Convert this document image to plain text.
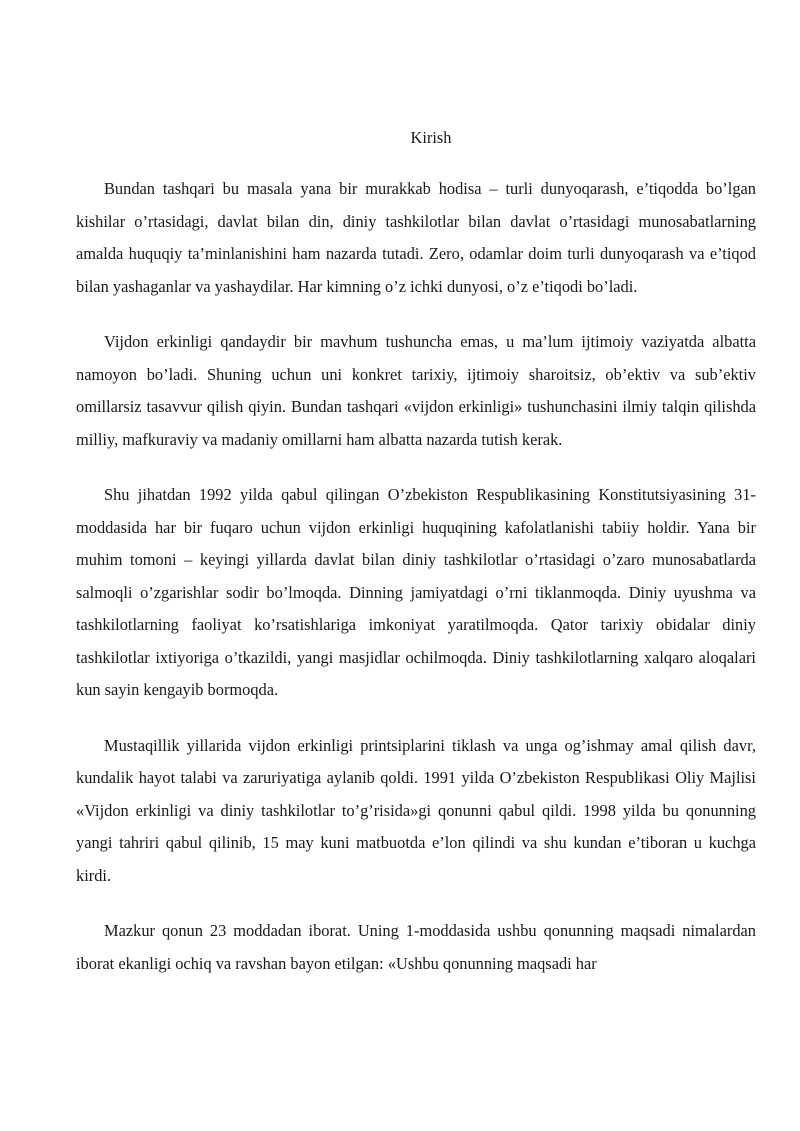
Kirish

Bundan tashqari bu masala yana bir murakkab hodisa – turli dunyoqarash, e’tiqodda bo’lgan kishilar o’rtasidagi, davlat bilan din, diniy tashkilotlar bilan davlat o’rtasidagi munosabatlarning amalda huquqiy ta’minlanishini ham nazarda tutadi. Zero, odamlar doim turli dunyoqarash va e’tiqod bilan yashaganlar va yashaydilar. Har kimning o’z ichki dunyosi, o’z e’tiqodi bo’ladi.

Vijdon erkinligi qandaydir bir mavhum tushuncha emas, u ma’lum ijtimoiy vaziyatda albatta namoyon bo’ladi. Shuning uchun uni konkret tarixiy, ijtimoiy sharoitsiz, ob’ektiv va sub’ektiv omillarsiz tasavvur qilish qiyin. Bundan tashqari «vijdon erkinligi» tushunchasini ilmiy talqin qilishda milliy, mafkuraviy va madaniy omillarni ham albatta nazarda tutish kerak.

Shu jihatdan 1992 yilda qabul qilingan O’zbekiston Respublikasining Konstitutsiyasining 31-moddasida har bir fuqaro uchun vijdon erkinligi huquqining kafolatlanishi tabiiy holdir. Yana bir muhim tomoni – keyingi yillarda davlat bilan diniy tashkilotlar o’rtasidagi o’zaro munosabatlarda salmoqli o’zgarishlar sodir bo’lmoqda. Dinning jamiyatdagi o’rni tiklanmoqda. Diniy uyushma va tashkilotlarning faoliyat ko’rsatishlariga imkoniyat yaratilmoqda. Qator tarixiy obidalar diniy tashkilotlar ixtiyoriga o’tkazildi, yangi masjidlar ochilmoqda. Diniy tashkilotlarning xalqaro aloqalari kun sayin kengayib bormoqda.

Mustaqillik yillarida vijdon erkinligi printsiplarini tiklash va unga og’ishmay amal qilish davr, kundalik hayot talabi va zaruriyatiga aylanib qoldi. 1991 yilda O’zbekiston Respublikasi Oliy Majlisi «Vijdon erkinligi va diniy tashkilotlar to’g’risida»gi qonunni qabul qildi. 1998 yilda bu qonunning yangi tahriri qabul qilinib, 15 may kuni matbuotda e’lon qilindi va shu kundan e’tiboran u kuchga kirdi.

Mazkur qonun 23 moddadan iborat. Uning 1-moddasida ushbu qonunning maqsadi nimalardan iborat ekanligi ochiq va ravshan bayon etilgan: «Ushbu qonunning maqsadi har
